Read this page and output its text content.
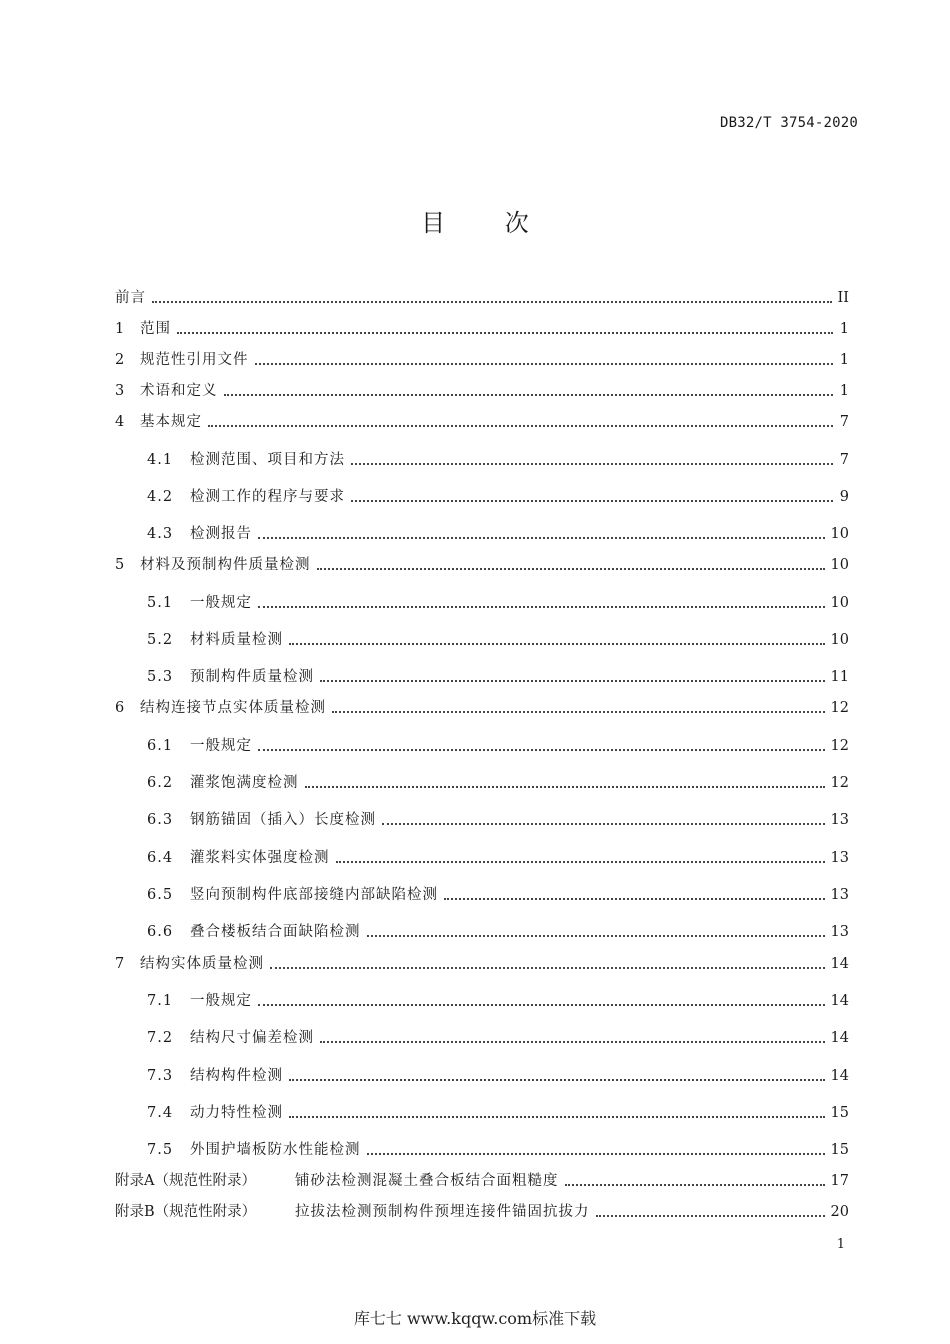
DB32/T 3754-2020
目 次
前言	II
1	范围	1
2	规范性引用文件	1
3	术语和定义	1
4	基本规定	7
4.1	检测范围、项目和方法	7
4.2	检测工作的程序与要求	9
4.3	检测报告	10
5	材料及预制构件质量检测	10
5.1	一般规定	10
5.2	材料质量检测	10
5.3	预制构件质量检测	11
6	结构连接节点实体质量检测	12
6.1	一般规定	12
6.2	灌浆饱满度检测	12
6.3	钢筋锚固（插入）长度检测	13
6.4	灌浆料实体强度检测	13
6.5	竖向预制构件底部接缝内部缺陷检测	13
6.6	叠合楼板结合面缺陷检测	13
7	结构实体质量检测	14
7.1	一般规定	14
7.2	结构尺寸偏差检测	14
7.3	结构构件检测	14
7.4	动力特性检测	15
7.5	外围护墙板防水性能检测	15
附录A（规范性附录）	铺砂法检测混凝土叠合板结合面粗糙度	17
附录B（规范性附录）	拉拔法检测预制构件预埋连接件锚固抗拔力	20
1
库七七 www.kqqw.com标准下载
